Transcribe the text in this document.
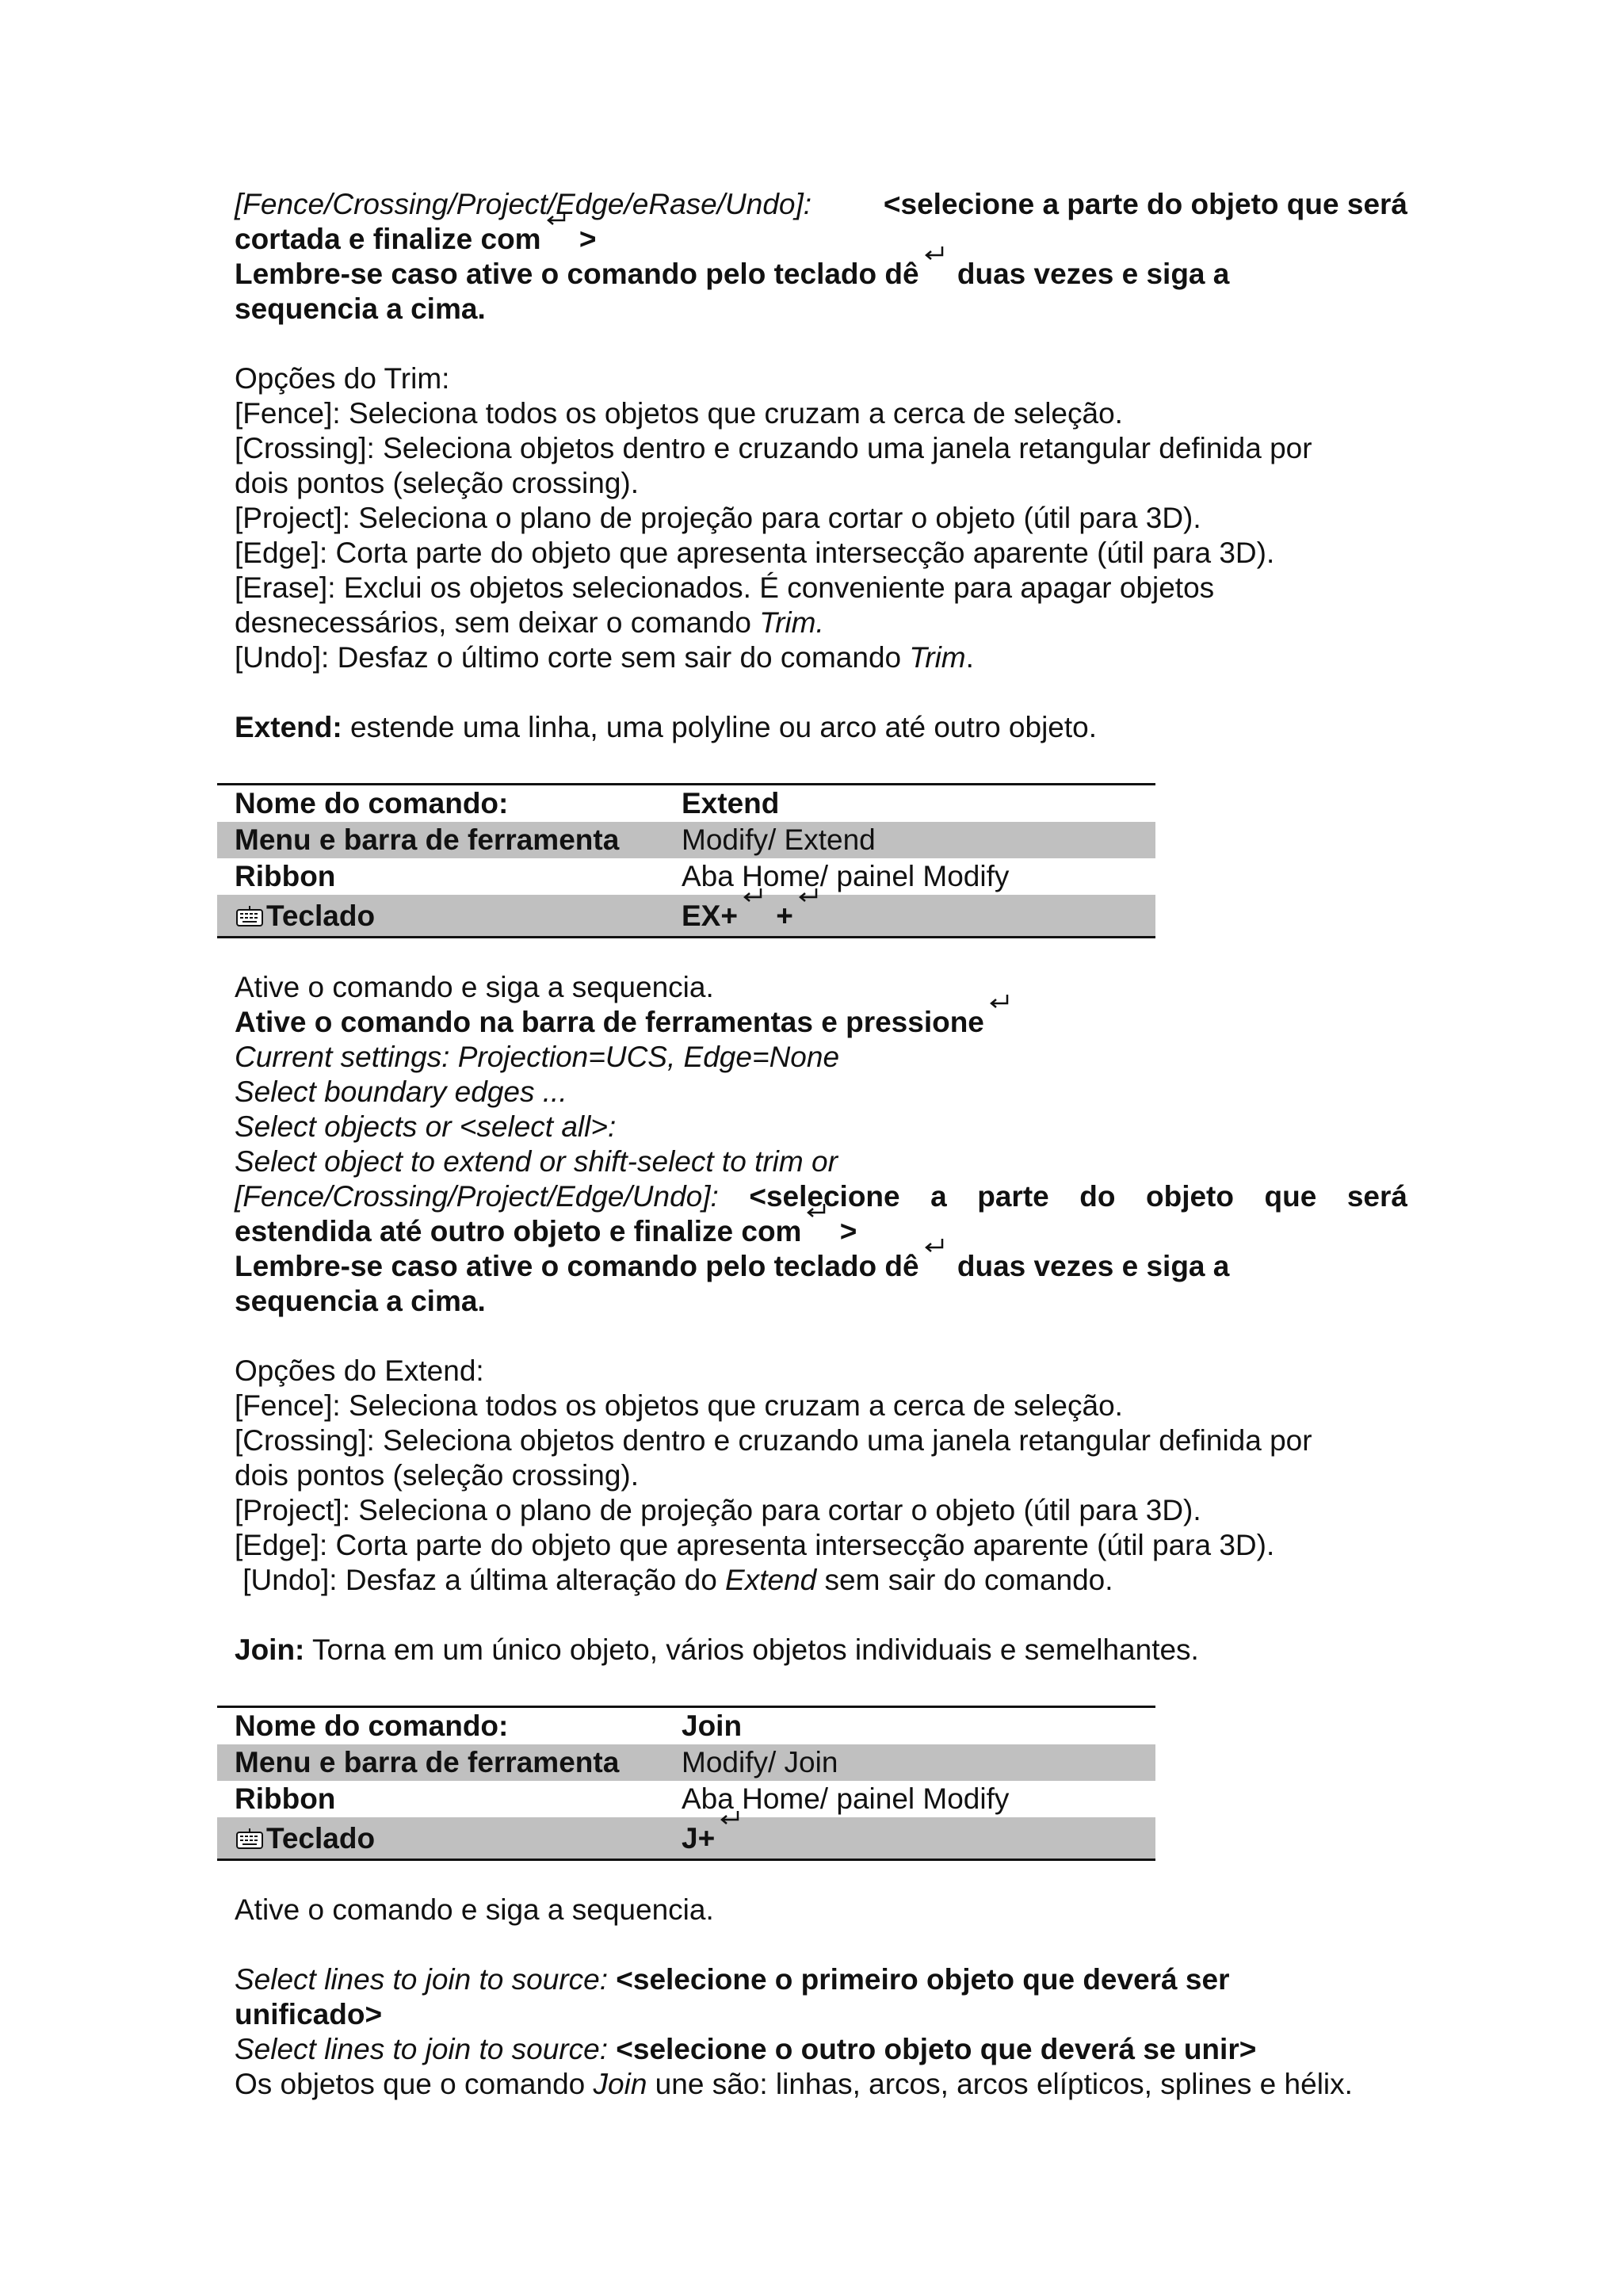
[Fence/Crossing/Project/Edge/eRase/Undo]: <selecione a parte do objeto que será

cortada e finalize com >

Lembre-se caso ative o comando pelo teclado dê duas vezes e siga a

sequencia a cima.

Opções do Trim:

[Fence]: Seleciona todos os objetos que cruzam a cerca de seleção.

[Crossing]: Seleciona objetos dentro e cruzando uma janela retangular definida por

dois pontos (seleção crossing).

[Project]: Seleciona o plano de projeção para cortar o objeto (útil para 3D).

[Edge]: Corta parte do objeto que apresenta intersecção aparente (útil para 3D).

[Erase]: Exclui os objetos selecionados. É conveniente para apagar objetos

desnecessários, sem deixar o comando Trim.

[Undo]: Desfaz o último corte sem sair do comando Trim.

Extend: estende uma linha, uma polyline ou arco até outro objeto.

Nome do comando:	Extend
Menu e barra de ferramenta	Modify/ Extend
Ribbon	Aba Home/ painel Modify
Teclado	EX+ +

Ative o comando e siga a sequencia.

Ative o comando na barra de ferramentas e pressione

Current settings: Projection=UCS, Edge=None

Select boundary edges ...

Select objects or <select all>:

Select object to extend or shift-select to trim or

[Fence/Crossing/Project/Edge/Undo]: <selecione a parte do objeto que será

estendida até outro objeto e finalize com >

Lembre-se caso ative o comando pelo teclado dê duas vezes e siga a

sequencia a cima.

Opções do Extend:

[Fence]: Seleciona todos os objetos que cruzam a cerca de seleção.

[Crossing]: Seleciona objetos dentro e cruzando uma janela retangular definida por

dois pontos (seleção crossing).

[Project]: Seleciona o plano de projeção para cortar o objeto (útil para 3D).

[Edge]: Corta parte do objeto que apresenta intersecção aparente (útil para 3D).

[Undo]: Desfaz a última alteração do Extend sem sair do comando.

Join: Torna em um único objeto, vários objetos individuais e semelhantes.

Nome do comando:	Join
Menu e barra de ferramenta	Modify/ Join
Ribbon	Aba Home/ painel Modify
Teclado	J+

Ative o comando e siga a sequencia.

Select lines to join to source: <selecione o primeiro objeto que deverá ser

unificado>

Select lines to join to source: <selecione o outro objeto que deverá se unir>

Os objetos que o comando Join une são: linhas, arcos, arcos elípticos, splines e hélix.
